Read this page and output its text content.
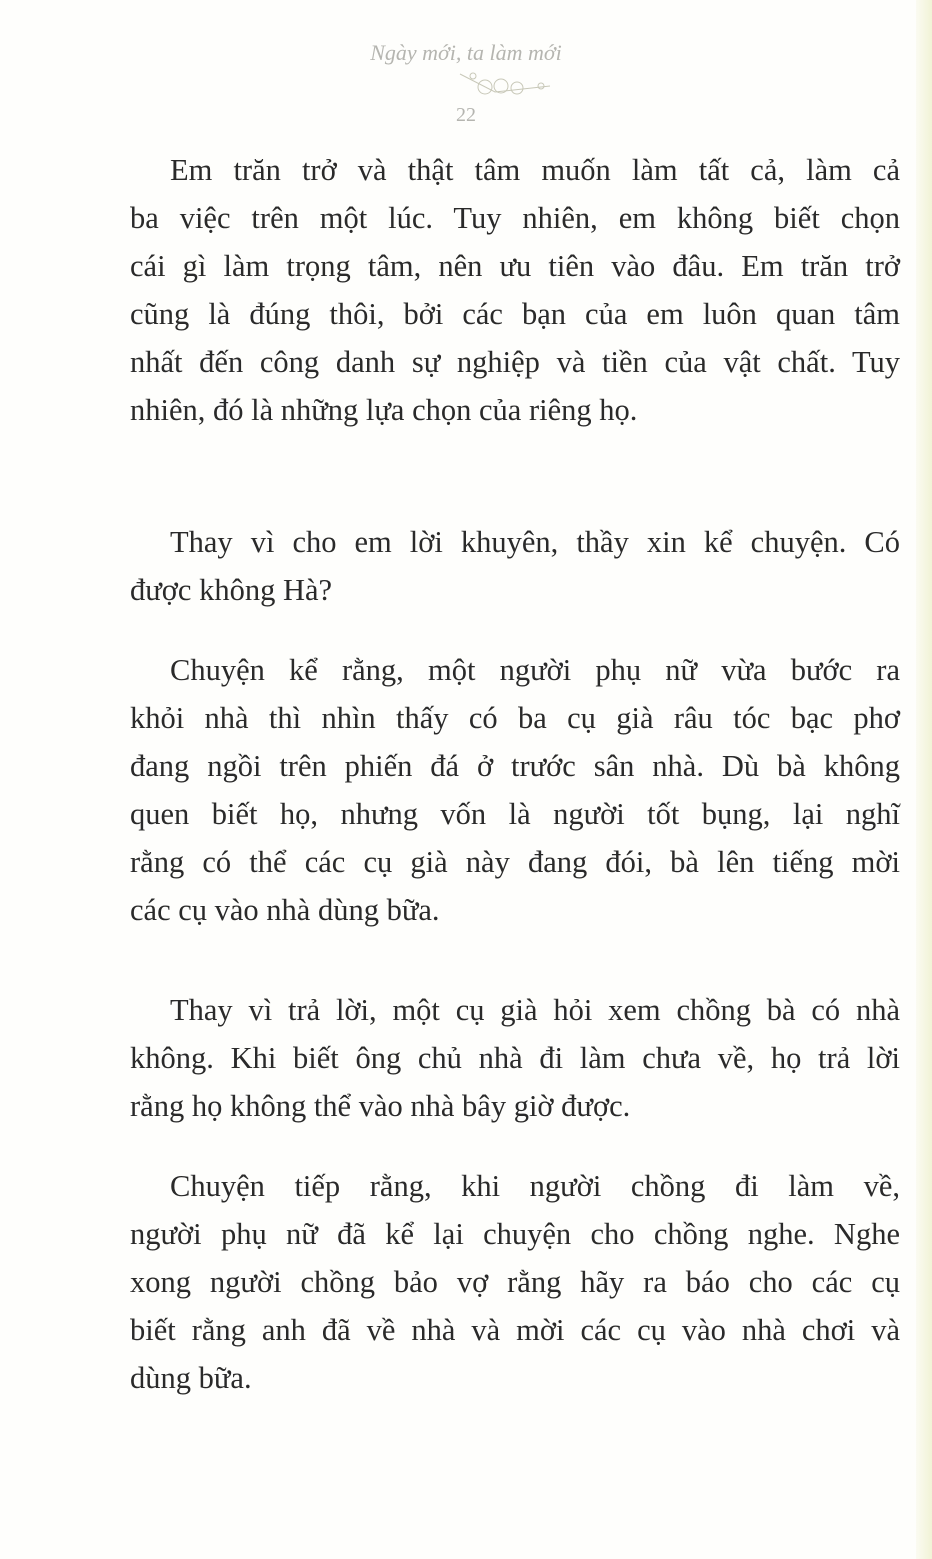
Ngày mới, ta làm mới
22
Em trăn trở và thật tâm muốn làm tất cả, làm cả
ba việc trên một lúc. Tuy nhiên, em không biết chọn
cái gì làm trọng tâm, nên ưu tiên vào đâu. Em trăn trở
cũng là đúng thôi, bởi các bạn của em luôn quan tâm
nhất đến công danh sự nghiệp và tiền của vật chất. Tuy
nhiên, đó là những lựa chọn của riêng họ.
Thay vì cho em lời khuyên, thầy xin kể chuyện. Có
được không Hà?
Chuyện kể rằng, một người phụ nữ vừa bước ra
khỏi nhà thì nhìn thấy có ba cụ già râu tóc bạc phơ
đang ngồi trên phiến đá ở trước sân nhà. Dù bà không
quen biết họ, nhưng vốn là người tốt bụng, lại nghĩ
rằng có thể các cụ già này đang đói, bà lên tiếng mời
các cụ vào nhà dùng bữa.
Thay vì trả lời, một cụ già hỏi xem chồng bà có nhà
không. Khi biết ông chủ nhà đi làm chưa về, họ trả lời
rằng họ không thể vào nhà bây giờ được.
Chuyện tiếp rằng, khi người chồng đi làm về,
người phụ nữ đã kể lại chuyện cho chồng nghe. Nghe
xong người chồng bảo vợ rằng hãy ra báo cho các cụ
biết rằng anh đã về nhà và mời các cụ vào nhà chơi và
dùng bữa.
